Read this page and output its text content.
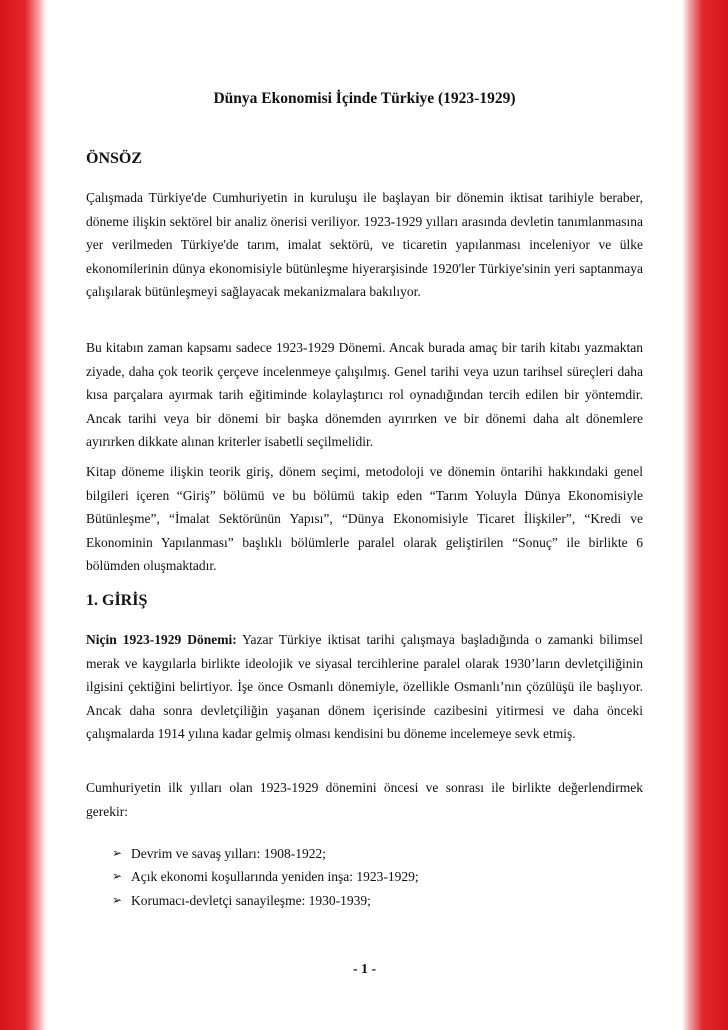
Dünya Ekonomisi İçinde Türkiye (1923-1929)
ÖNSÖZ

Çalışmada Türkiye'de Cumhuriyetin in kuruluşu ile başlayan bir dönemin iktisat tarihiyle beraber, döneme ilişkin sektörel bir analiz önerisi veriliyor. 1923-1929 yılları arasında devletin tanımlanmasına yer verilmeden Türkiye'de tarım, imalat sektörü, ve ticaretin yapılanması inceleniyor ve ülke ekonomilerinin dünya ekonomisiyle bütünleşme hiyerarşisinde 1920'ler Türkiye'sinin yeri saptanmaya çalışılarak bütünleşmeyi sağlayacak mekanizmalara bakılıyor.

Bu kitabın zaman kapsamı sadece 1923-1929 Dönemi. Ancak burada amaç bir tarih kitabı yazmaktan ziyade, daha çok teorik çerçeve incelenmeye çalışılmış. Genel tarihi veya uzun tarihsel süreçleri daha kısa parçalara ayırmak tarih eğitiminde kolaylaştırıcı rol oynadığından tercih edilen bir yöntemdir. Ancak tarihi veya bir dönemi bir başka dönemden ayırırken ve bir dönemi daha alt dönemlere ayırırken dikkate alınan kriterler isabetli seçilmelidir.

Kitap döneme ilişkin teorik giriş, dönem seçimi, metodoloji ve dönemin öntarihi hakkındaki genel bilgileri içeren “Giriş” bölümü ve bu bölümü takip eden “Tarım Yoluyla Dünya Ekonomisiyle Bütünleşme”, “İmalat Sektörünün Yapısı”, “Dünya Ekonomisiyle Ticaret İlişkiler”, “Kredi ve Ekonominin Yapılanması” başlıklı bölümlerle paralel olarak geliştirilen “Sonuç” ile birlikte 6 bölümden oluşmaktadır.

1. GİRİŞ

Niçin 1923-1929 Dönemi: Yazar Türkiye iktisat tarihi çalışmaya başladığında o zamanki bilimsel merak ve kaygılarla birlikte ideolojik ve siyasal tercihlerine paralel olarak 1930’ların devletçiliğinin ilgisini çektiğini belirtiyor. İşe önce Osmanlı dönemiyle, özellikle Osmanlı’nın çözülüşü ile başlıyor. Ancak daha sonra devletçiliğin yaşanan dönem içerisinde cazibesini yitirmesi ve daha önceki çalışmalarda 1914 yılına kadar gelmiş olması kendisini bu döneme incelemeye sevk etmiş.

Cumhuriyetin ilk yılları olan 1923-1929 dönemini öncesi ve sonrası ile birlikte değerlendirmek gerekir:

➢ Devrim ve savaş yılları: 1908-1922;
➢ Açık ekonomi koşullarında yeniden inşa: 1923-1929;
➢ Korumacı-devletçi sanayileşme: 1930-1939;

- 1 -
